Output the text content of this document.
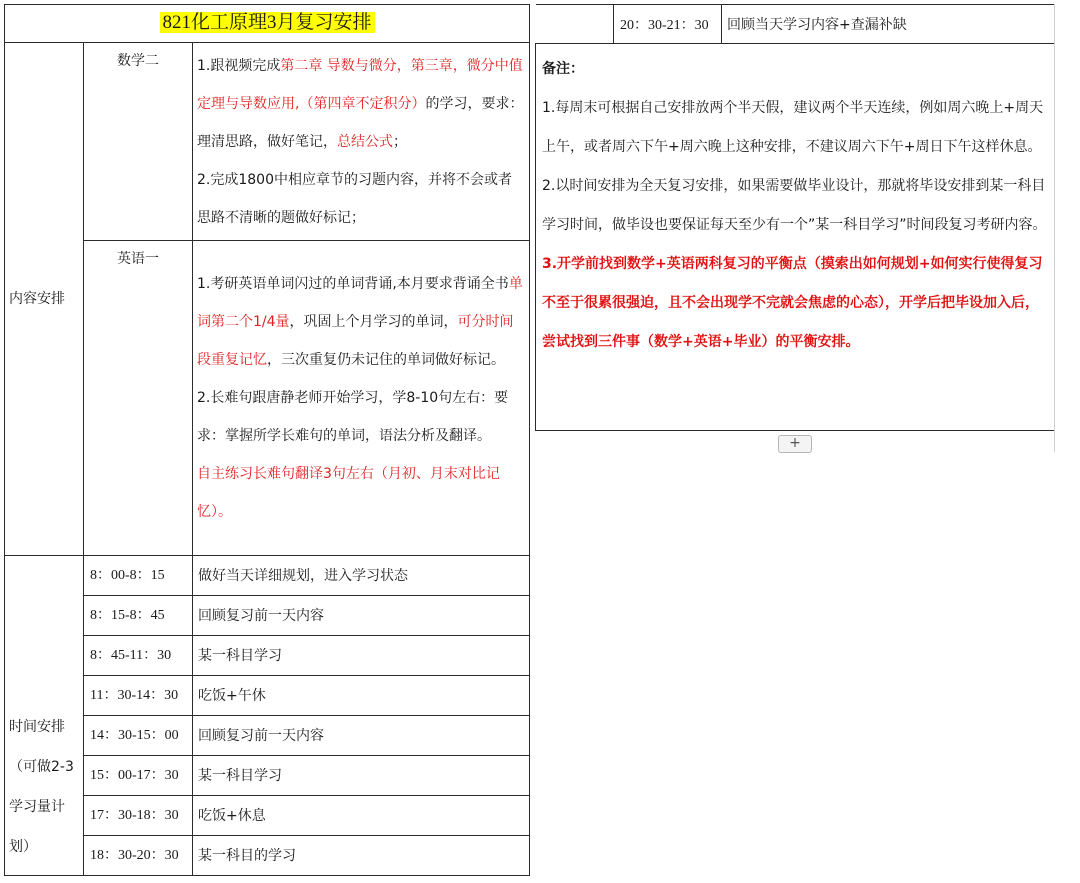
821化工原理3月复习安排		
内容安排	数学二	1.跟视频完成第二章 导数与微分，第三章，微分中值定理与导数应用,（第四章不定积分）的学习，要求：理清思路，做好笔记，总结公式；
2.完成1800中相应章节的习题内容，并将不会或者思路不清晰的题做好标记；

	英语一	1.考研英语单词闪过的单词背诵,本月要求背诵全书单词第二个1/4量，巩固上个月学习的单词，可分时间段重复记忆，三次重复仍未记住的单词做好标记。
2.长难句跟唐静老师开始学习，学8-10句左右：要求：掌握所学长难句的单词，语法分析及翻译。
自主练习长难句翻译3句左右（月初、月末对比记忆）。

时间安排（可做2-3学习量计划）	8：00-8：15	做好当天详细规划，进入学习状态
	8：15-8：45	回顾复习前一天内容
	8：45-11：30	某一科目学习
	11：30-14：30	吃饭+午休
	14：30-15：00	回顾复习前一天内容
	15：00-17：30	某一科目学习
	17：30-18：30	吃饭+休息
	18：30-20：30	某一科目的学习
	20：30-21：30	回顾当天学习内容+查漏补缺

备注：
1.每周末可根据自己安排放两个半天假，建议两个半天连续，例如周六晚上+周天上午，或者周六下午+周六晚上这种安排，不建议周六下午+周日下午这样休息。
2.以时间安排为全天复习安排，如果需要做毕业设计，那就将毕设安排到某一科目学习时间，做毕设也要保证每天至少有一个”某一科目学习”时间段复习考研内容。
3.开学前找到数学+英语两科复习的平衡点（摸索出如何规划+如何实行使得复习不至于很累很强迫，且不会出现学不完就会焦虑的心态），开学后把毕设加入后，尝试找到三件事（数学+英语+毕业）的平衡安排。
+
